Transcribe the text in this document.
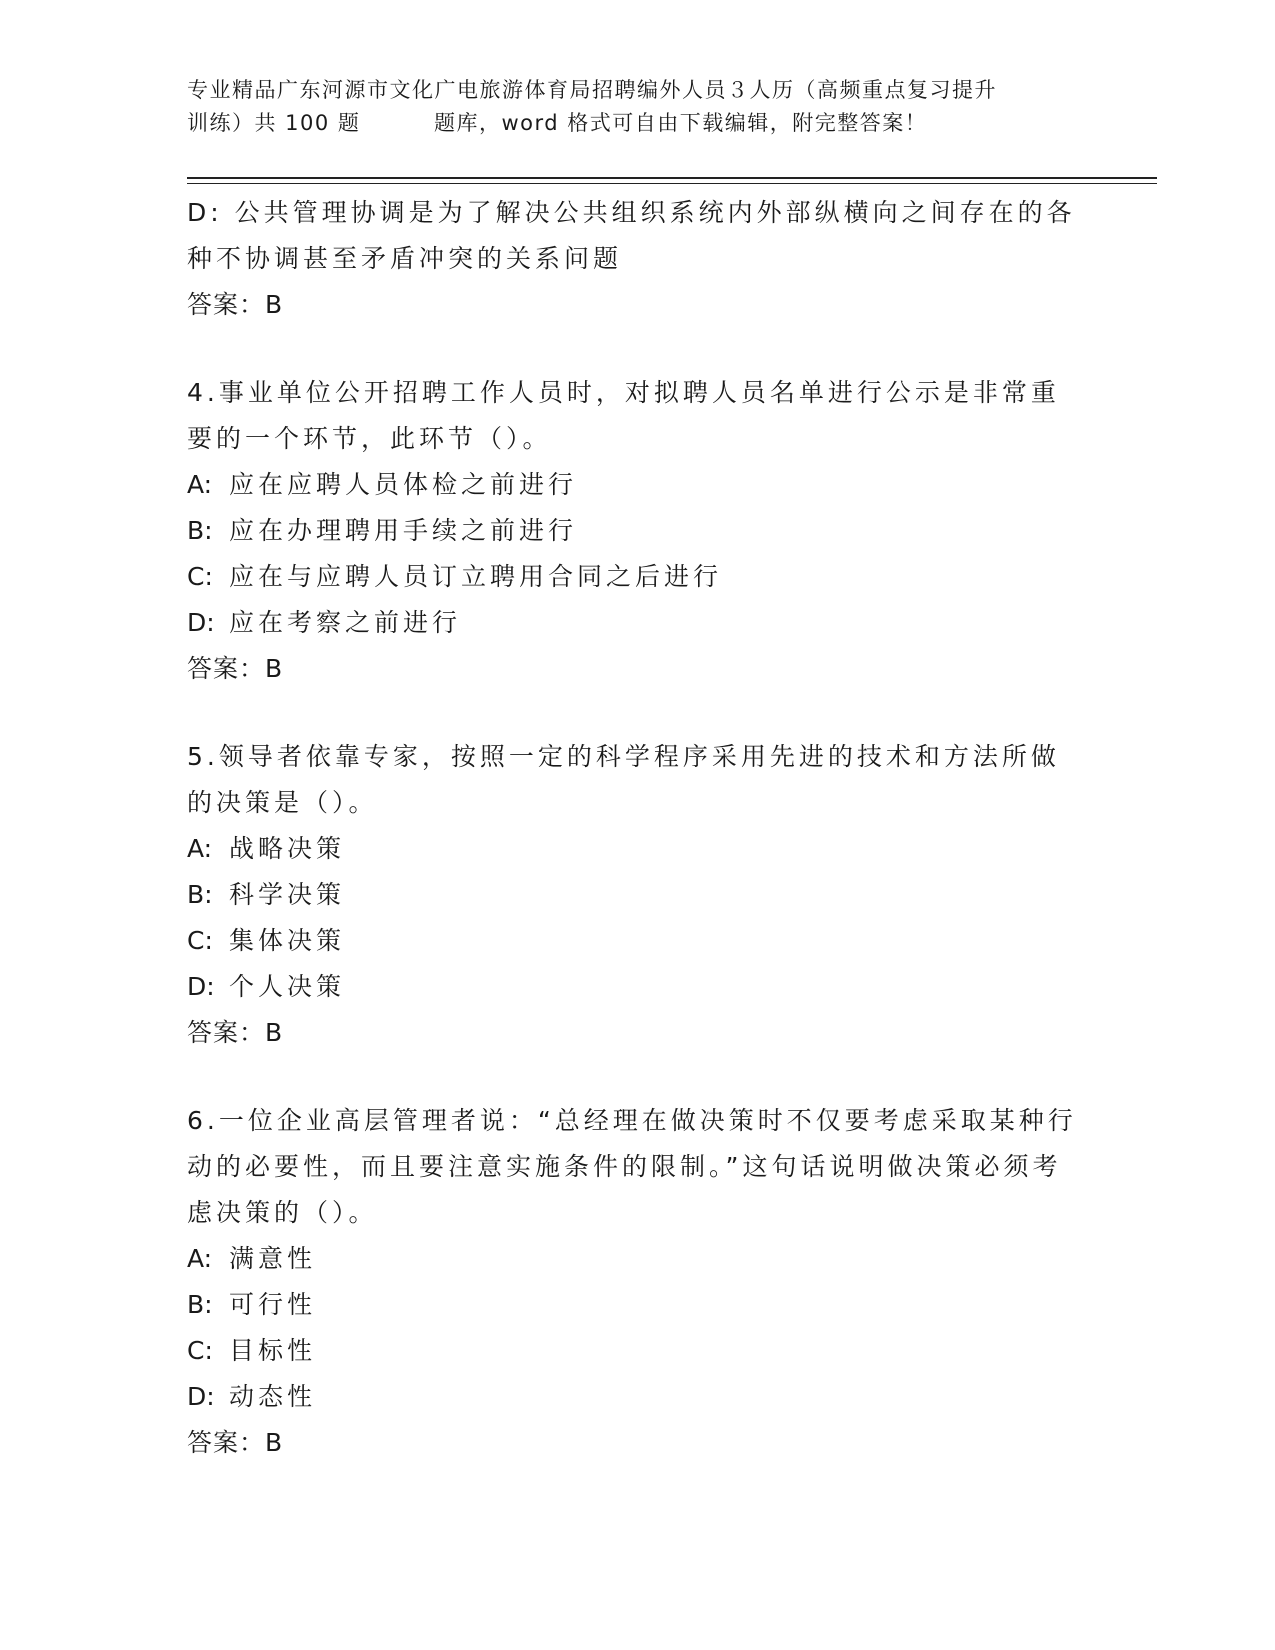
专业精品广东河源市文化广电旅游体育局招聘编外人员３人历（高频重点复习提升
训练）共 100 题         题库，word 格式可自由下载编辑，附完整答案！
D: 公共管理协调是为了解决公共组织系统内外部纵横向之间存在的各种不协调甚至矛盾冲突的关系问题
答案：B
4.事业单位公开招聘工作人员时，对拟聘人员名单进行公示是非常重要的一个环节，此环节（）。
A: 应在应聘人员体检之前进行
B: 应在办理聘用手续之前进行
C: 应在与应聘人员订立聘用合同之后进行
D: 应在考察之前进行
答案：B
5.领导者依靠专家，按照一定的科学程序采用先进的技术和方法所做的决策是（）。
A: 战略决策
B: 科学决策
C: 集体决策
D: 个人决策
答案：B
6.一位企业高层管理者说：“总经理在做决策时不仅要考虑采取某种行动的必要性，而且要注意实施条件的限制。”这句话说明做决策必须考虑决策的（）。
A: 满意性
B: 可行性
C: 目标性
D: 动态性
答案：B
